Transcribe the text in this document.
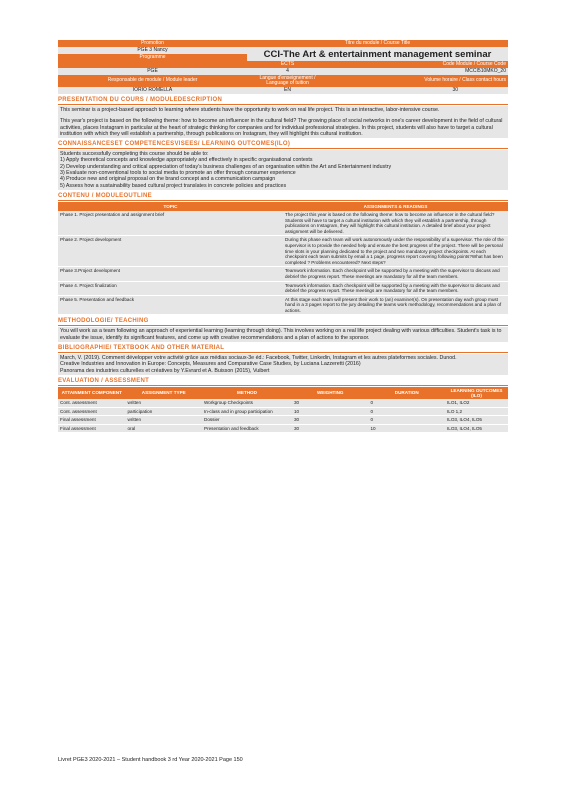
Promotion	Titre du module / Course Title	
PGE 3 Nancy	CCI-The Art & entertainment management seminar	
Programme		
	ECTS	Code Module / Course Code
PGE	4	MCCI510MKO_20
Responsable de module / Module leader	Langue d'enseignement / Language of tuition	Volume horaire / Class contact hours
IORIO ROMELLA	EN	30
PRESENTATION DU COURS / MODULEDESCRIPTION

This seminar is a project-based approach to learning where students have the opportunity to work on real life project. This is an interactive, labor-intensive course.

This year's project is based on the following theme: how to become an influencer in the cultural field? The growing place of social networks in one's career development in the field of cultural activities, places Instagram in particular at the heart of strategic thinking for companies and for individual professional strategies. In this project, students will also have to target a cultural institution with which they will establish a partnership, through publications on Instagram, they will highlight this cultural institution.

CONNAISSANCESET COMPETENCESVISEES/ LEARNING OUTCOMES(ILO)

Students successfully completing this course should be able to:

1) Apply theoretical concepts and knowledge appropriately and effectively in specific organisational contexts

2) Develop understanding and critical appreciation of today's business challenges of an organisation within the Art and Entertainment industry

3) Evaluate non-conventional tools to social media to promote an offer through consumer experience

4) Produce new and original proposal on the brand concept and a communication campaign

5) Assess how a sustainability based cultural project translates in concrete policies and practices

CONTENU / MODULEOUTLINE
TOPIC	ASSIGNMENTS & READINGS
Phase 1. Project presentation and assignment brief	The project this year is based on the following theme: how to become an influencer in the cultural field? Students will have to target a cultural institution with which they will establish a partnership, through publications on Instagram, they will highlight this cultural institution. A detailed brief about your project assignment will be delivered.
Phase 2. Project development	During this phase each team will work autonomously under the responsibility of a supervisor. The role of the supervisor is to provide the needed help and ensure the best progress of the project. There will be personal time slots in your planning dedicated to the project and two mandatory project checkpoints. At each checkpoint each team submits by email a 1 page, progress report covering following points?What has been completed ? Problems encountered? Next steps?
Phase 3.Project development	Teamwork information. Each checkpoint will be supported by a meeting with the supervisor to discuss and debrief the progress report. These meetings are mandatory for all the team members.
Phase 4. Project finalization	Teamwork information. Each checkpoint will be supported by a meeting with the supervisor to discuss and debrief the progress report. These meetings are mandatory for all the team members.
Phase 5. Presentation and feedback	At this stage each team will present their work to (an) examiner(s). On presentation day each group must hand in a 3 pages report to the jury detailing the teams work methodology, recommendations and a plan of actions.
METHODOLOGIE/ TEACHING

You will work as a team following an approach of experiential learning (learning through doing). This involves working on a real life project dealing with various difficulties. Student's task is to evaluate the issue, identify its significant features, and come up with creative recommendations and a plan of actions to the sponsor.

BIBLIOGRAPHIE/ TEXTBOOK AND OTHER MATERIAL

March, V. (2019). Comment développer votre activité grâce aux médias sociaux-3e éd.: Facebook, Twitter, Linkedin, Instagram et les autres plateformes sociales. Dunod.

Creative Industries and Innovation in Europe: Concepts, Measures and Comparative Case Studies, by Luciana Lazzeretti (2016)

Panorama des industries culturelles et créatives by Y.Evrard et A. Buisson (2015), Vuibert

EVALUATION / ASSESSMENT
ATTAINMENT COMPONENT	ASSIGNMENT TYPE	METHOD	WEIGHTING	DURATION	LEARNING OUTCOMES (ILO)
Cont. assessment	written	Workgroup Checkpoints	30	0	ILO1, ILO2
Cont. assessment	participation	In-class and in group participation	10	0	ILO 1,2
Final assessment	written	Dossier	30	0	ILO3, ILO4, ILO5
Final assessment	oral	Presentation and feedback	30	10	ILO3, ILO4, ILO5
Livret PGE3 2020-2021 – Student handbook 3 rd Year 2020-2021 Page 150
